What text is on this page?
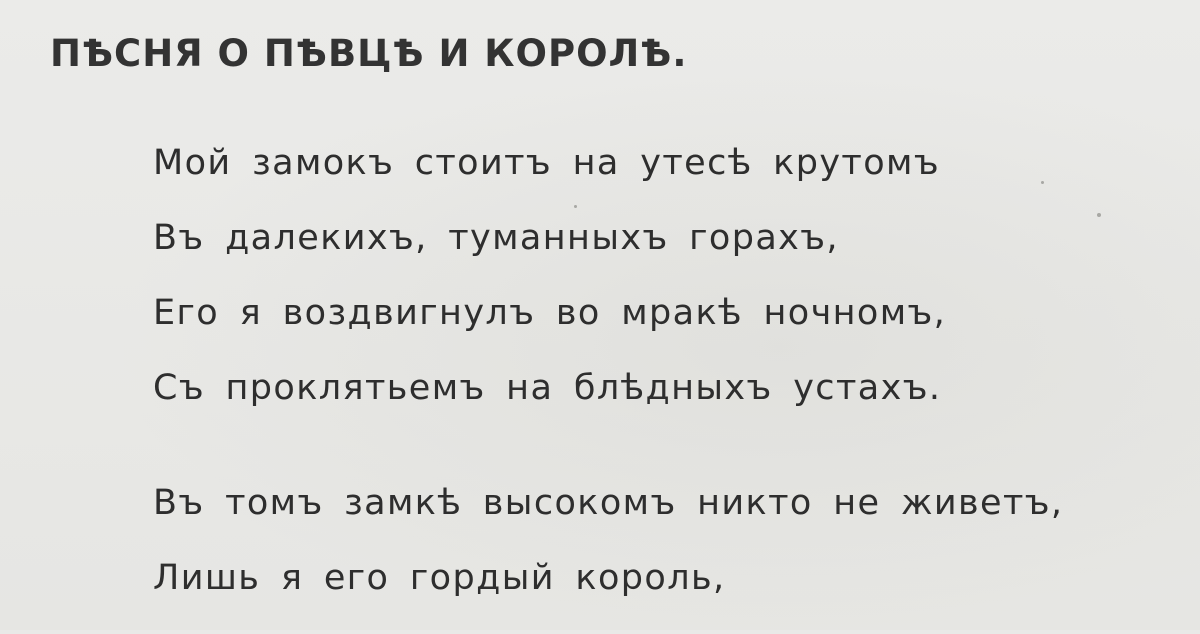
ПѢСНЯ О ПѢВЦѢ И КОРОЛѢ.
Мой замокъ стоитъ на утесѣ крутомъ
Въ далекихъ, туманныхъ горахъ,
Его я воздвигнулъ во мракѣ ночномъ,
Съ проклятьемъ на блѣдныхъ устахъ.
Въ томъ замкѣ высокомъ никто не живетъ,
Лишь я его гордый король,
